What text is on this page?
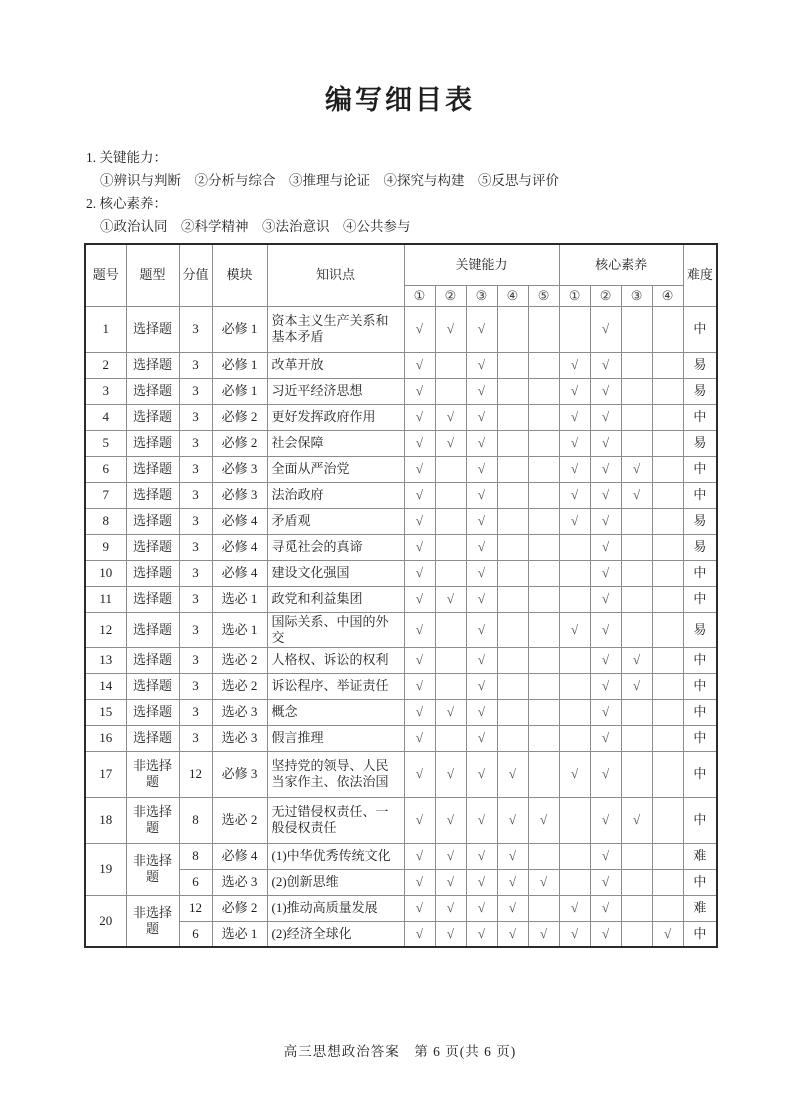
编写细目表
1. 关键能力：
①辨识与判断　②分析与综合　③推理与论证　④探究与构建　⑤反思与评价
2. 核心素养：
①政治认同　②科学精神　③法治意识　④公共参与
题号	题型	分值	模块	知识点	关键能力					核心素养				难度
					①	②	③	④	⑤	①	②	③	④	
1	选择题	3	必修 1	资本主义生产关系和基本矛盾	√	√	√				√			中
2	选择题	3	必修 1	改革开放	√		√			√	√			易
3	选择题	3	必修 1	习近平经济思想	√		√			√	√			易
4	选择题	3	必修 2	更好发挥政府作用	√	√	√			√	√			中
5	选择题	3	必修 2	社会保障	√	√	√			√	√			易
6	选择题	3	必修 3	全面从严治党	√		√			√	√	√		中
7	选择题	3	必修 3	法治政府	√		√			√	√	√		中
8	选择题	3	必修 4	矛盾观	√		√			√	√			易
9	选择题	3	必修 4	寻觅社会的真谛	√		√				√			易
10	选择题	3	必修 4	建设文化强国	√		√				√			中
11	选择题	3	选必 1	政党和利益集团	√	√	√				√			中
12	选择题	3	选必 1	国际关系、中国的外交	√		√			√	√			易
13	选择题	3	选必 2	人格权、诉讼的权利	√		√				√	√		中
14	选择题	3	选必 2	诉讼程序、举证责任	√		√				√	√		中
15	选择题	3	选必 3	概念	√	√	√				√			中
16	选择题	3	选必 3	假言推理	√		√				√			中
17	非选择题	12	必修 3	坚持党的领导、人民当家作主、依法治国	√	√	√	√		√	√			中
18	非选择题	8	选必 2	无过错侵权责任、一般侵权责任	√	√	√	√	√		√	√		中
19	非选择题	8	必修 4	(1)中华优秀传统文化	√	√	√	√			√			难
		6	选必 3	(2)创新思维	√	√	√	√	√		√			中
20	非选择题	12	必修 2	(1)推动高质量发展	√	√	√	√		√	√			难
		6	选必 1	(2)经济全球化	√	√	√	√	√	√	√		√	中
高三思想政治答案　第 6 页(共 6 页)
